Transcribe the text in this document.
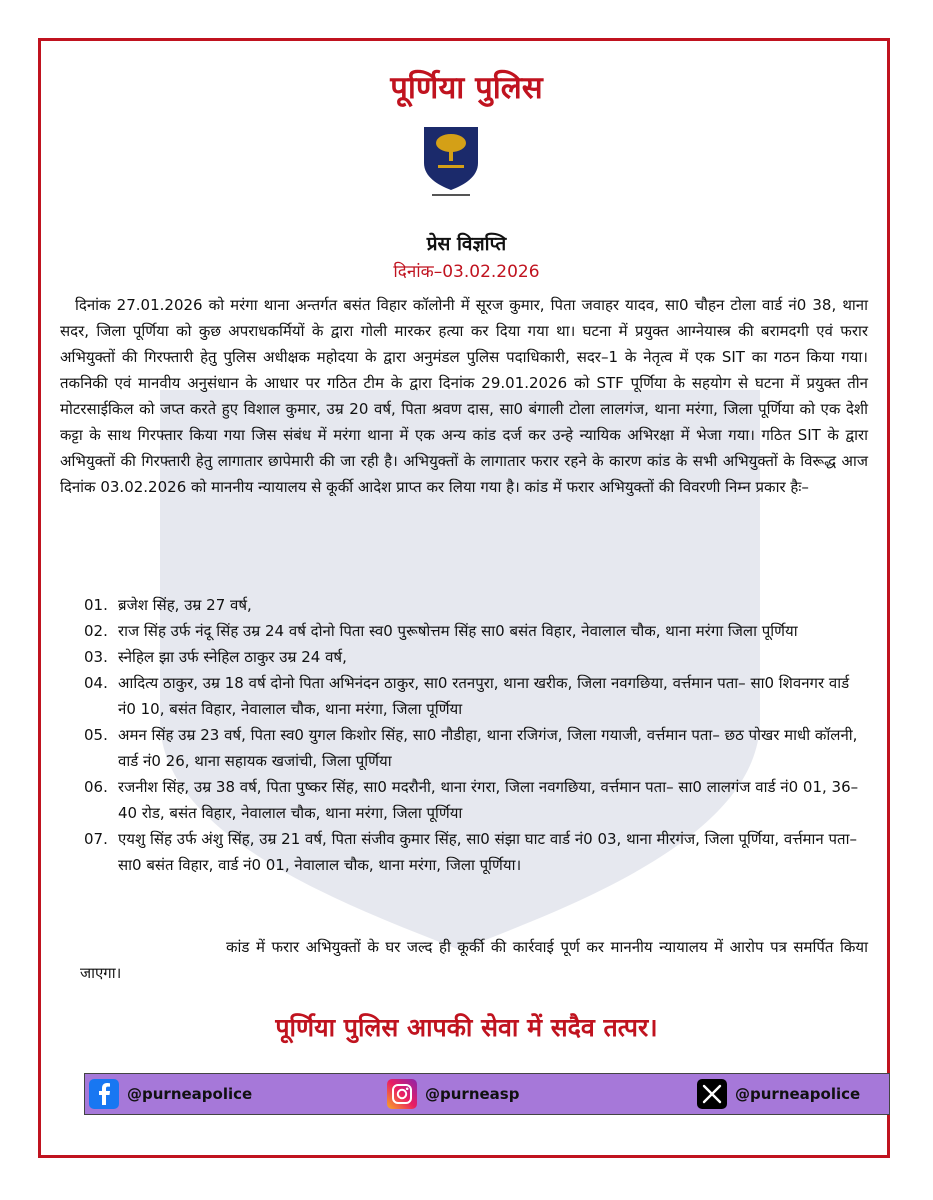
पूर्णिया पुलिस
प्रेस विज्ञप्ति
दिनांक–03.02.2026

दिनांक 27.01.2026 को मरंगा थाना अन्तर्गत बसंत विहार कॉलोनी में सूरज कुमार, पिता जवाहर यादव, सा0 चौहन टोला वार्ड नं0 38, थाना सदर, जिला पूर्णिया को कुछ अपराधकर्मियों के द्वारा गोली मारकर हत्या कर दिया गया था। घटना में प्रयुक्त आग्नेयास्त्र की बरामदगी एवं फरार अभियुक्तों की गिरफ्तारी हेतु पुलिस अधीक्षक महोदया के द्वारा अनुमंडल पुलिस पदाधिकारी, सदर–1 के नेतृत्व में एक SIT का गठन किया गया। तकनिकी एवं मानवीय अनुसंधान के आधार पर गठित टीम के द्वारा दिनांक 29.01.2026 को STF पूर्णिया के सहयोग से घटना में प्रयुक्त तीन मोटरसाईकिल को जप्त करते हुए विशाल कुमार, उम्र 20 वर्ष, पिता श्रवण दास, सा0 बंगाली टोला लालगंज, थाना मरंगा, जिला पूर्णिया को एक देशी कट्टा के साथ गिरफ्तार किया गया जिस संबंध में मरंगा थाना में एक अन्य कांड दर्ज कर उन्हे न्यायिक अभिरक्षा में भेजा गया। गठित SIT के द्वारा अभियुक्तों की गिरफ्तारी हेतु लागातार छापेमारी की जा रही है। अभियुक्तों के लागातार फरार रहने के कारण कांड के सभी अभियुक्तों के विरूद्ध आज दिनांक 03.02.2026 को माननीय न्यायालय से कूर्की आदेश प्राप्त कर लिया गया है। कांड में फरार अभियुक्तों की विवरणी निम्न प्रकार हैः–

01. ब्रजेश सिंह, उम्र 27 वर्ष,
02. राज सिंह उर्फ नंदू सिंह उम्र 24 वर्ष दोनो पिता स्व0 पुरूषोत्तम सिंह सा0 बसंत विहार, नेवालाल चौक, थाना मरंगा जिला पूर्णिया
03. स्नेहिल झा उर्फ स्नेहिल ठाकुर उम्र 24 वर्ष,
04. आदित्य ठाकुर, उम्र 18 वर्ष दोनो पिता अभिनंदन ठाकुर, सा0 रतनपुरा, थाना खरीक, जिला नवगछिया, वर्त्तमान पता– सा0 शिवनगर वार्ड नं0 10, बसंत विहार, नेवालाल चौक, थाना मरंगा, जिला पूर्णिया
05. अमन सिंह उम्र 23 वर्ष, पिता स्व0 युगल किशोर सिंह, सा0 नौडीहा, थाना रजिगंज, जिला गयाजी, वर्त्तमान पता– छठ पोखर माधी कॉलनी, वार्ड नं0 26, थाना सहायक खजांची, जिला पूर्णिया
06. रजनीश सिंह, उम्र 38 वर्ष, पिता पुष्कर सिंह, सा0 मदरौनी, थाना रंगरा, जिला नवगछिया, वर्त्तमान पता– सा0 लालगंज वार्ड नं0 01, 36–40 रोड, बसंत विहार, नेवालाल चौक, थाना मरंगा, जिला पूर्णिया
07. एयशु सिंह उर्फ अंशु सिंह, उम्र 21 वर्ष, पिता संजीव कुमार सिंह, सा0 संझा घाट वार्ड नं0 03, थाना मीरगंज, जिला पूर्णिया, वर्त्तमान पता– सा0 बसंत विहार, वार्ड नं0 01, नेवालाल चौक, थाना मरंगा, जिला पूर्णिया।

कांड में फरार अभियुक्तों के घर जल्द ही कूर्की की कार्रवाई पूर्ण कर माननीय न्यायालय में आरोप पत्र समर्पित किया जाएगा।

पूर्णिया पुलिस आपकी सेवा में सदैव तत्पर।
@purneapolice	@purneasp	@purneapolice
